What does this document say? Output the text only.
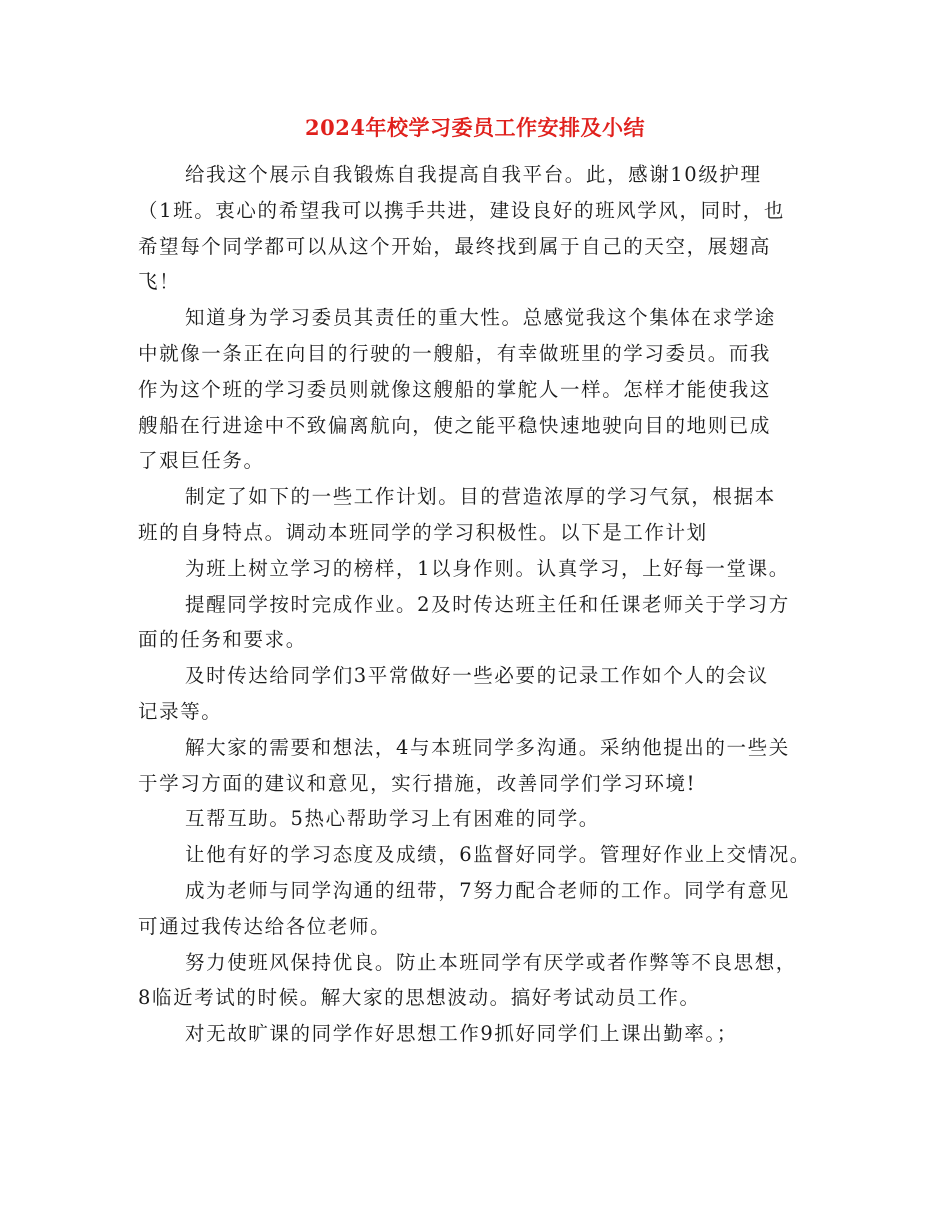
2024年校学习委员工作安排及小结
给我这个展示自我锻炼自我提高自我平台。此，感谢10级护理
（1班。衷心的希望我可以携手共进，建设良好的班风学风，同时，也
希望每个同学都可以从这个开始，最终找到属于自己的天空，展翅高
飞！
知道身为学习委员其责任的重大性。总感觉我这个集体在求学途
中就像一条正在向目的行驶的一艘船，有幸做班里的学习委员。而我
作为这个班的学习委员则就像这艘船的掌舵人一样。怎样才能使我这
艘船在行进途中不致偏离航向，使之能平稳快速地驶向目的地则已成
了艰巨任务。
制定了如下的一些工作计划。目的营造浓厚的学习气氛，根据本
班的自身特点。调动本班同学的学习积极性。以下是工作计划
为班上树立学习的榜样，1以身作则。认真学习，上好每一堂课。
提醒同学按时完成作业。2及时传达班主任和任课老师关于学习方
面的任务和要求。
及时传达给同学们3平常做好一些必要的记录工作如个人的会议
记录等。
解大家的需要和想法，4与本班同学多沟通。采纳他提出的一些关
于学习方面的建议和意见，实行措施，改善同学们学习环境!
互帮互助。5热心帮助学习上有困难的同学。
让他有好的学习态度及成绩，6监督好同学。管理好作业上交情况。
成为老师与同学沟通的纽带，7努力配合老师的工作。同学有意见
可通过我传达给各位老师。
努力使班风保持优良。防止本班同学有厌学或者作弊等不良思想，
8临近考试的时候。解大家的思想波动。搞好考试动员工作。
对无故旷课的同学作好思想工作9抓好同学们上课出勤率。；
